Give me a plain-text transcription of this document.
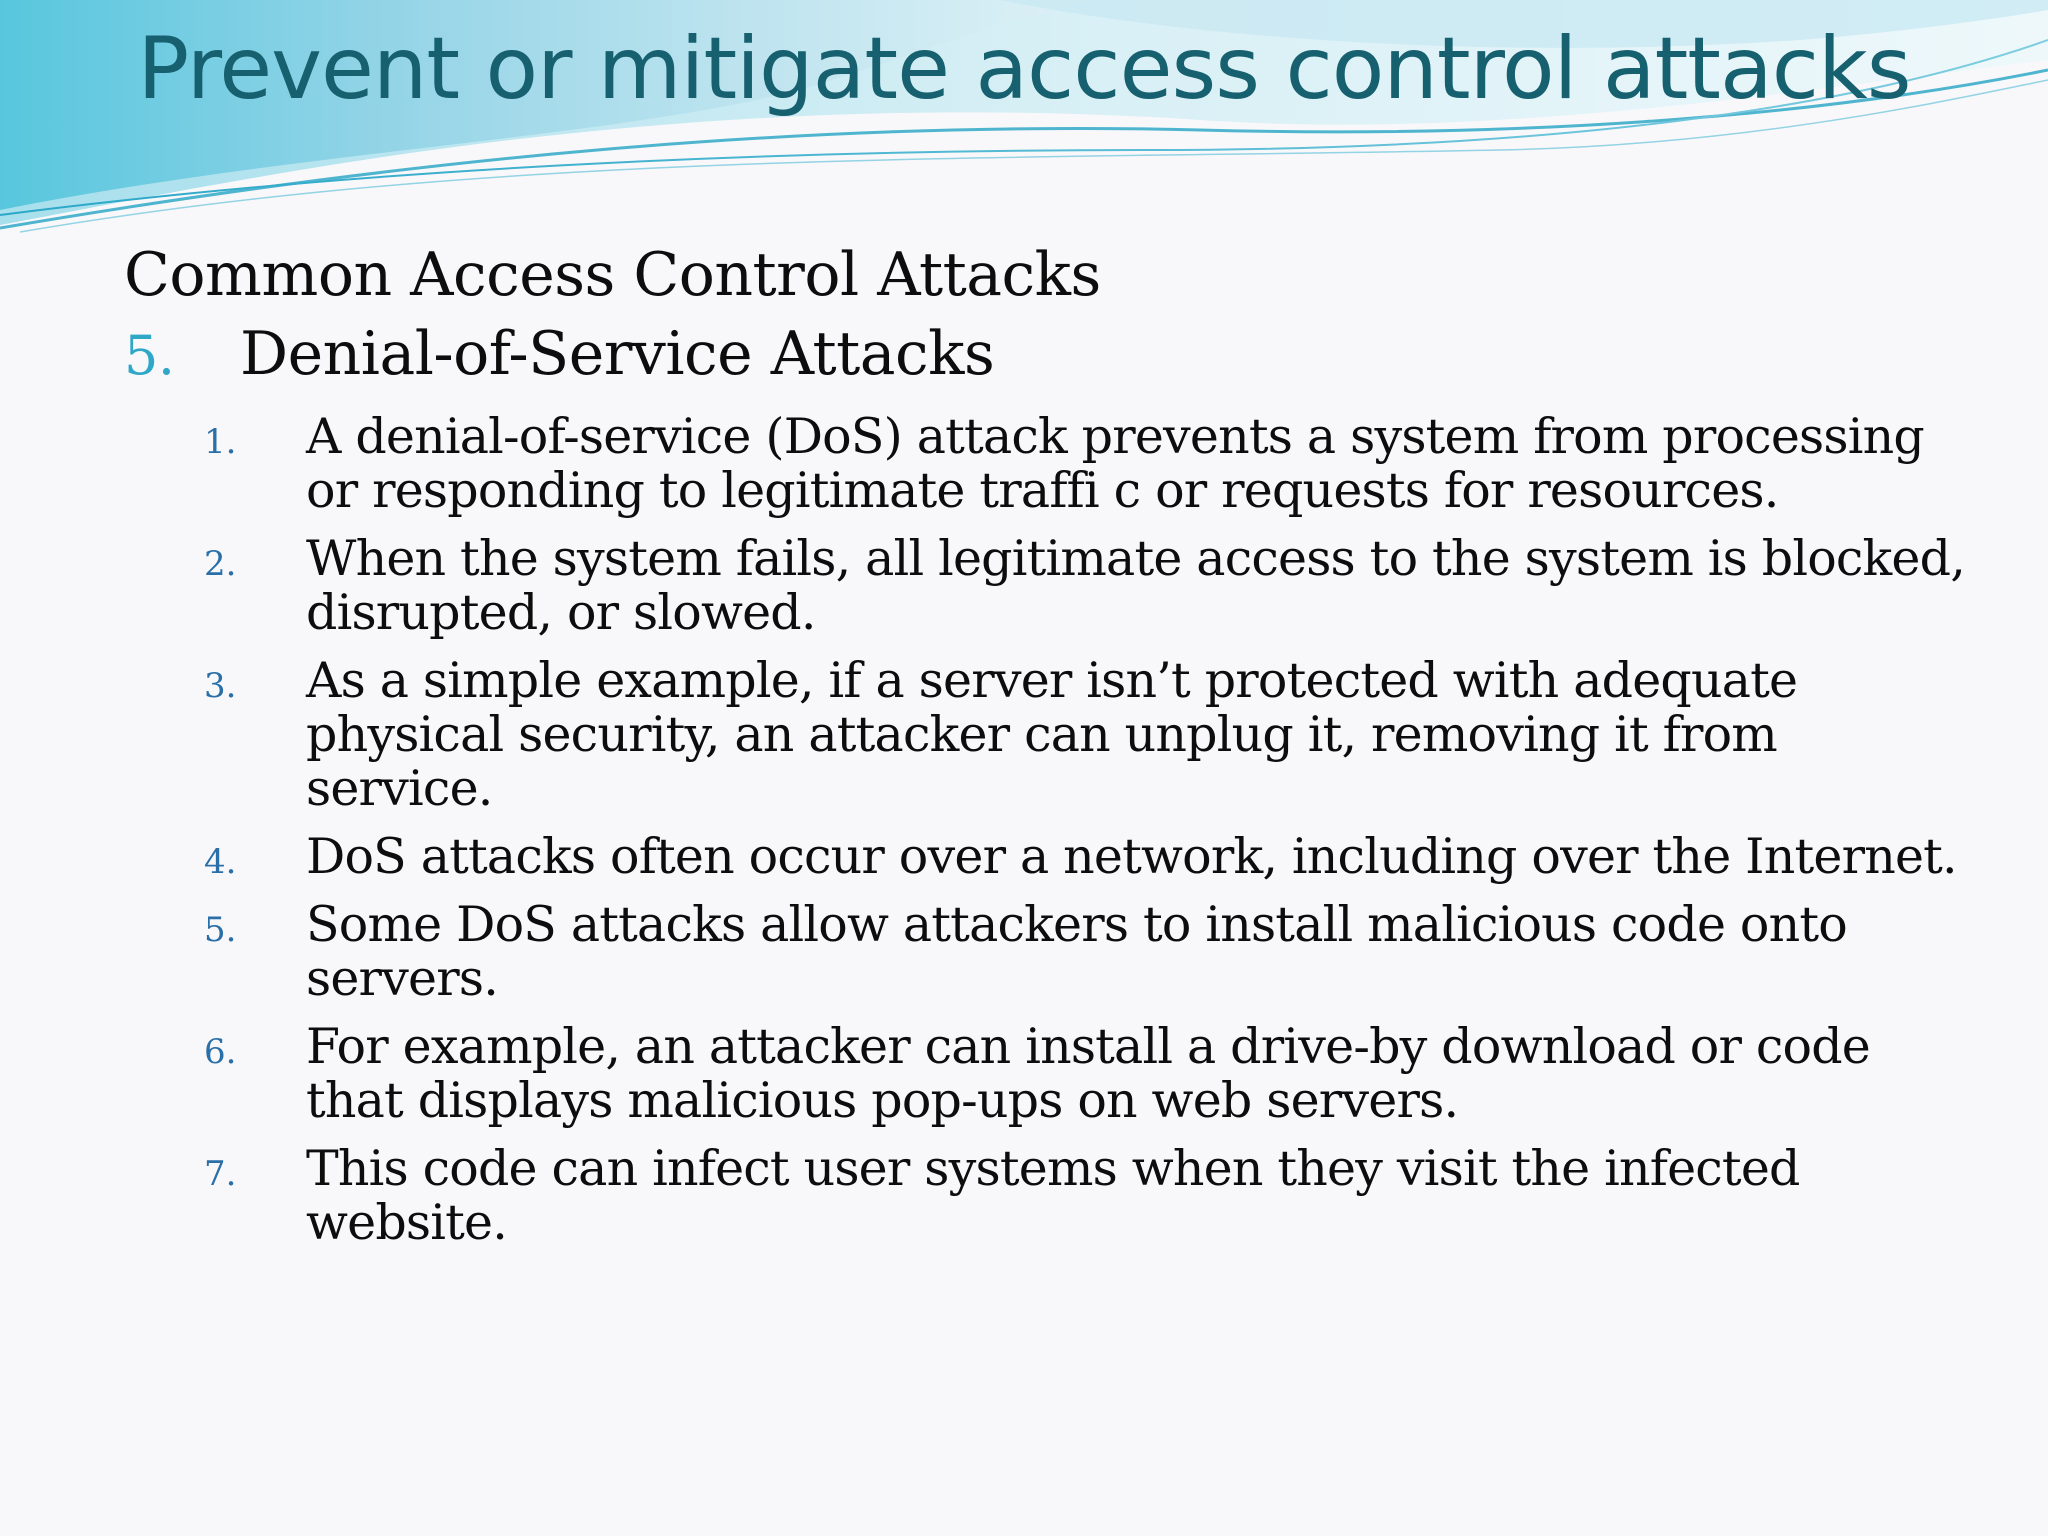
Prevent or mitigate access control attacks

Common Access Control Attacks

5.	Denial-of-Service Attacks
1.	A denial-of-service (DoS) attack prevents a system from processing or responding to legitimate traffi c or requests for resources.
2.	When the system fails, all legitimate access to the system is blocked, disrupted, or slowed.
3.	As a simple example, if a server isn’t protected with adequate physical security, an attacker can unplug it, removing it from service.
4.	DoS attacks often occur over a network, including over the Internet.
5.	Some DoS attacks allow attackers to install malicious code onto servers.
6.	For example, an attacker can install a drive-by download or code that displays malicious pop-ups on web servers.
7.	This code can infect user systems when they visit the infected website.
